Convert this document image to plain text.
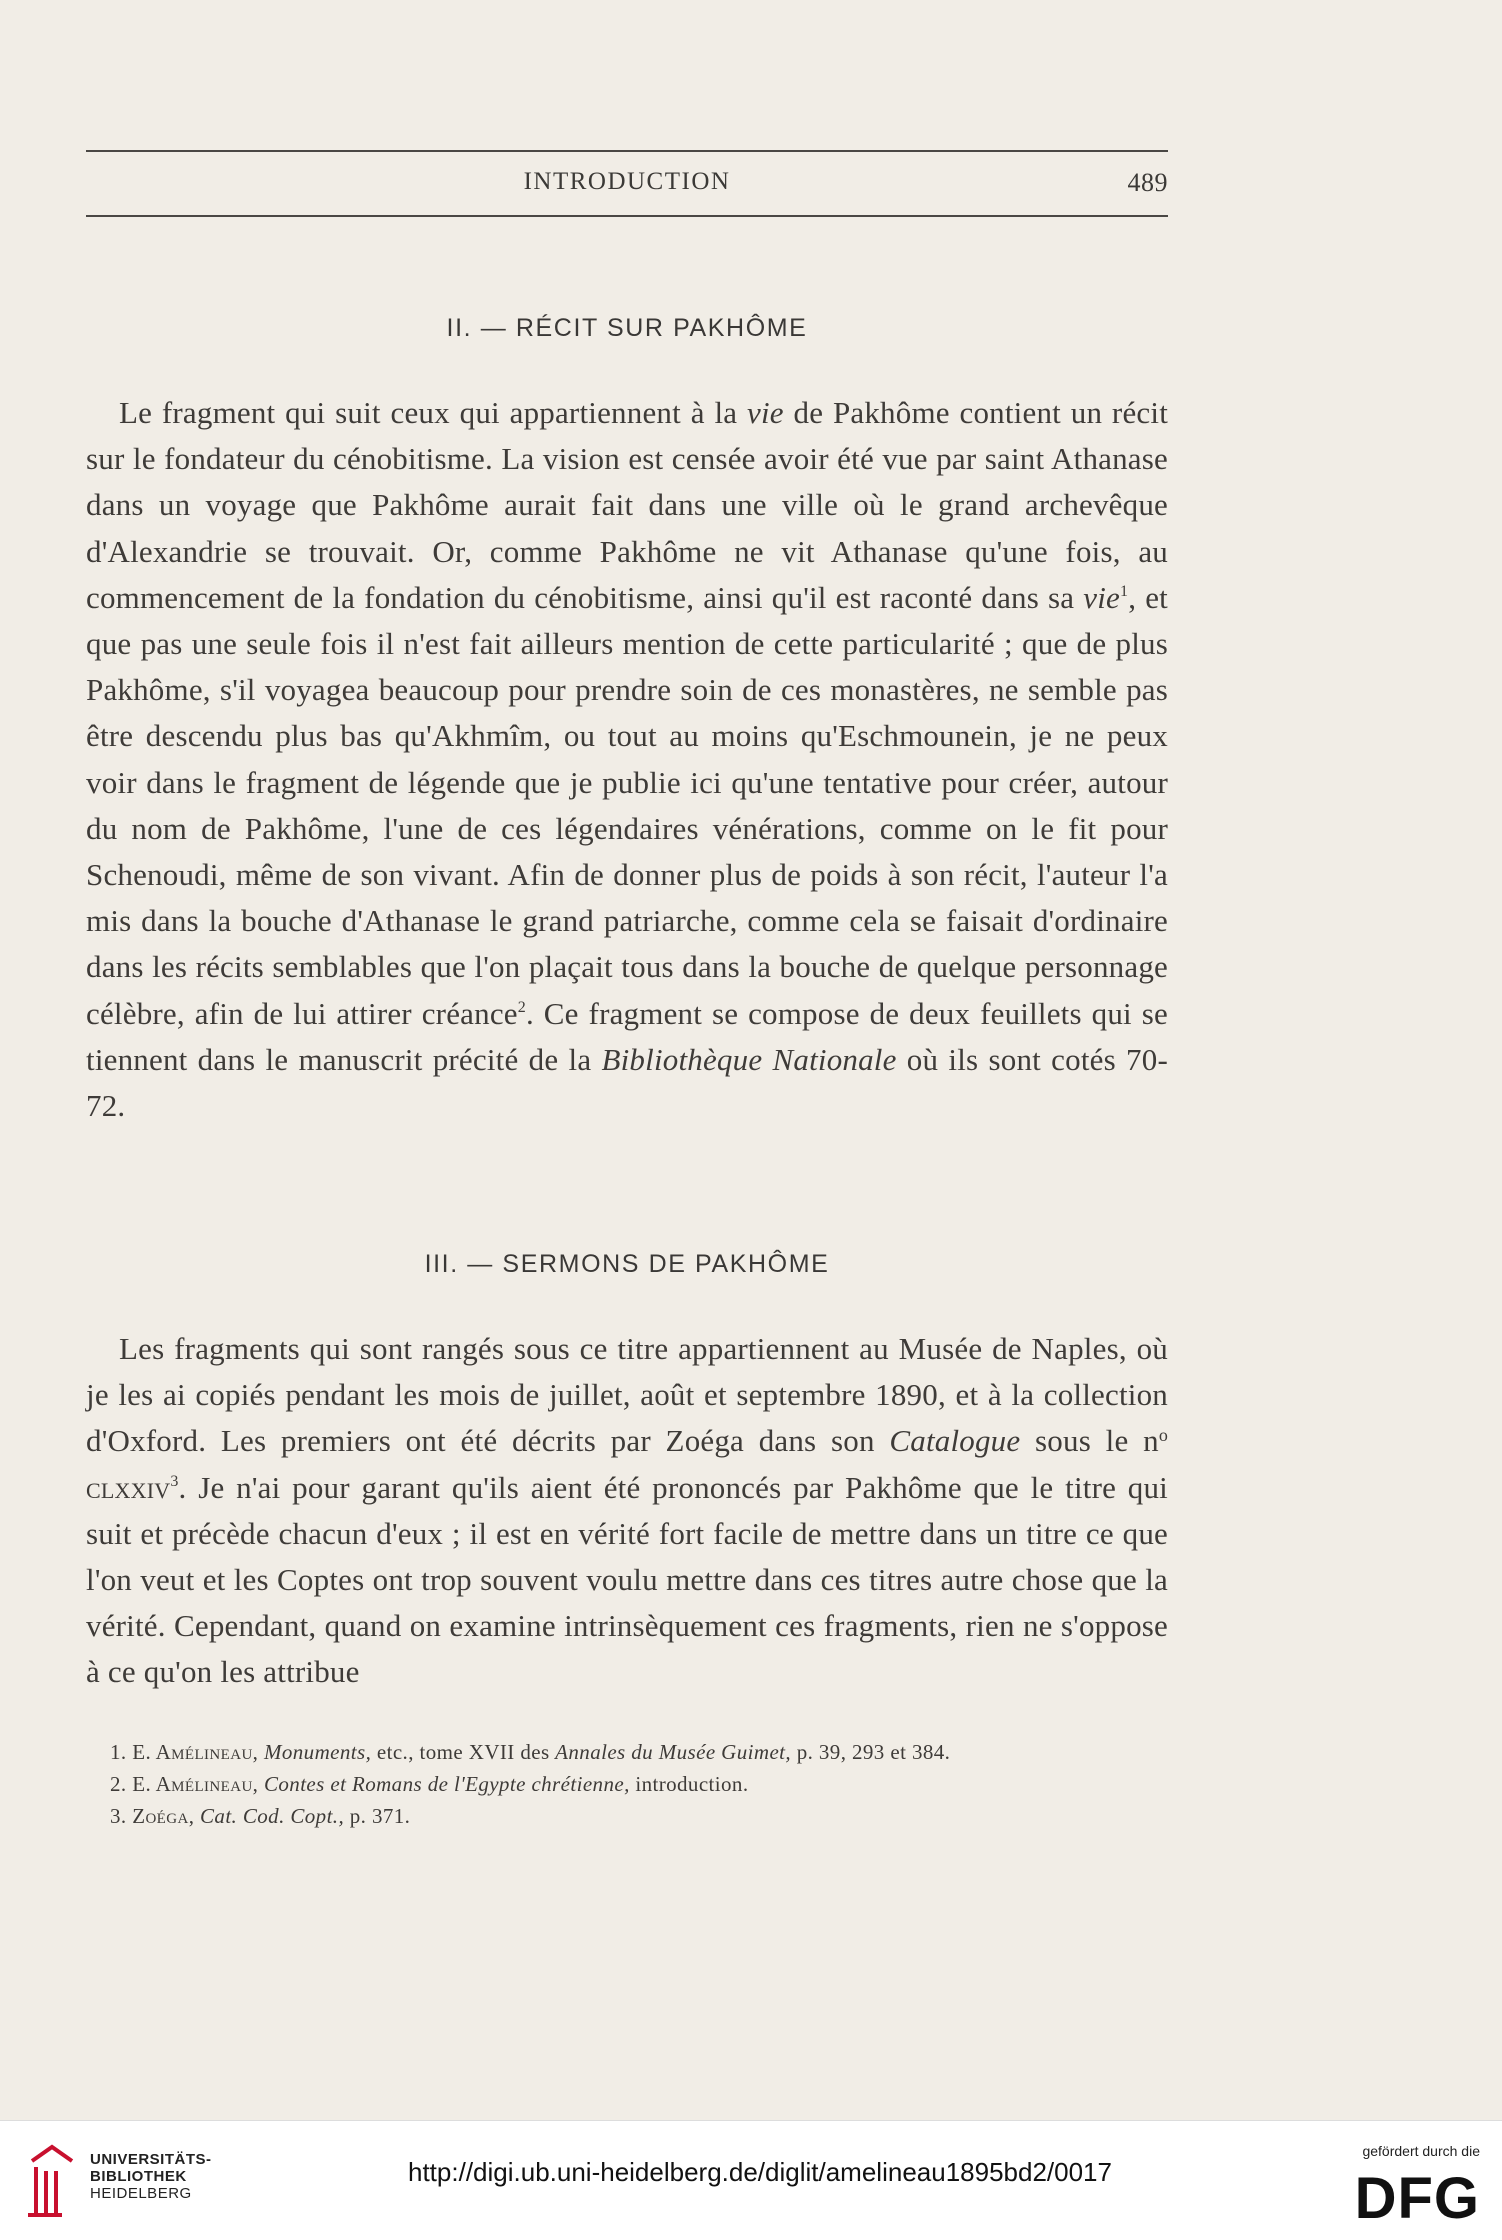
INTRODUCTION	489
II. — RÉCIT SUR PAKHÔME
Le fragment qui suit ceux qui appartiennent à la vie de Pakhôme contient un récit sur le fondateur du cénobitisme. La vision est censée avoir été vue par saint Athanase dans un voyage que Pakhôme aurait fait dans une ville où le grand archevêque d'Alexandrie se trouvait. Or, comme Pakhôme ne vit Athanase qu'une fois, au commencement de la fondation du cénobitisme, ainsi qu'il est raconté dans sa vie$^1$, et que pas une seule fois il n'est fait ailleurs mention de cette particularité ; que de plus Pakhôme, s'il voyagea beaucoup pour prendre soin de ces monastères, ne semble pas être descendu plus bas qu'Akhmîm, ou tout au moins qu'Eschmounein, je ne peux voir dans le fragment de légende que je publie ici qu'une tentative pour créer, autour du nom de Pakhôme, l'une de ces légendaires vénérations, comme on le fit pour Schenoudi, même de son vivant. Afin de donner plus de poids à son récit, l'auteur l'a mis dans la bouche d'Athanase le grand patriarche, comme cela se faisait d'ordinaire dans les récits semblables que l'on plaçait tous dans la bouche de quelque personnage célèbre, afin de lui attirer créance$^2$. Ce fragment se compose de deux feuillets qui se tiennent dans le manuscrit précité de la Bibliothèque Nationale où ils sont cotés 70-72.
III. — SERMONS DE PAKHÔME
Les fragments qui sont rangés sous ce titre appartiennent au Musée de Naples, où je les ai copiés pendant les mois de juillet, août et septembre 1890, et à la collection d'Oxford. Les premiers ont été décrits par Zoéga dans son Catalogue sous le $n^o$ clxxiv$^3$. Je n'ai pour garant qu'ils aient été prononcés par Pakhôme que le titre qui suit et précède chacun d'eux ; il est en vérité fort facile de mettre dans un titre ce que l'on veut et les Coptes ont trop souvent voulu mettre dans ces titres autre chose que la vérité. Cependant, quand on examine intrinsèquement ces fragments, rien ne s'oppose à ce qu'on les attribue
1. E. Amélineau, Monuments, etc., tome XVII des Annales du Musée Guimet, p. 39, 293 et 384.
2. E. Amélineau, Contes et Romans de l'Egypte chrétienne, introduction.
3. Zoéga, Cat. Cod. Copt., p. 371.
UNIVERSITÄTS-
BIBLIOTHEK
HEIDELBERG
http://digi.ub.uni-heidelberg.de/diglit/amelineau1895bd2/0017
gefördert durch die
DFG
